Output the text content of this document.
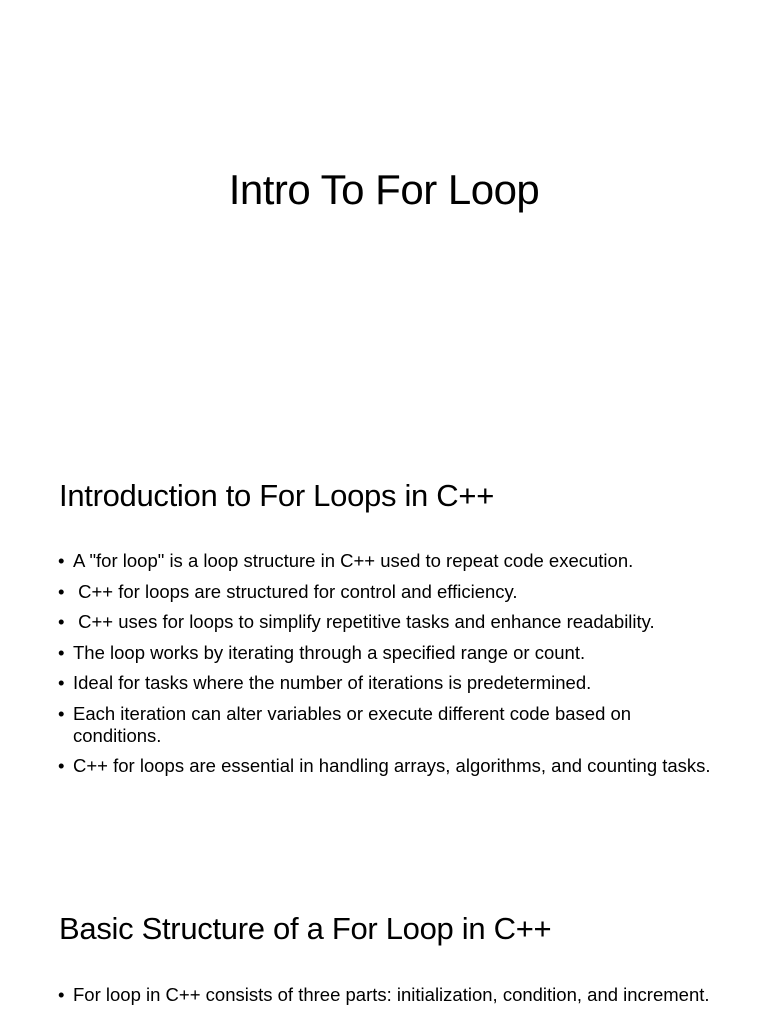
Intro To For Loop
Introduction to For Loops in C++
• A "for loop" is a loop structure in C++ used to repeat code execution.
•  C++ for loops are structured for control and efficiency.
•  C++ uses for loops to simplify repetitive tasks and enhance readability.
• The loop works by iterating through a specified range or count.
• Ideal for tasks where the number of iterations is predetermined.
• Each iteration can alter variables or execute different code based on conditions.
• C++ for loops are essential in handling arrays, algorithms, and counting tasks.
Basic Structure of a For Loop in C++
• For loop in C++ consists of three parts: initialization, condition, and increment.
